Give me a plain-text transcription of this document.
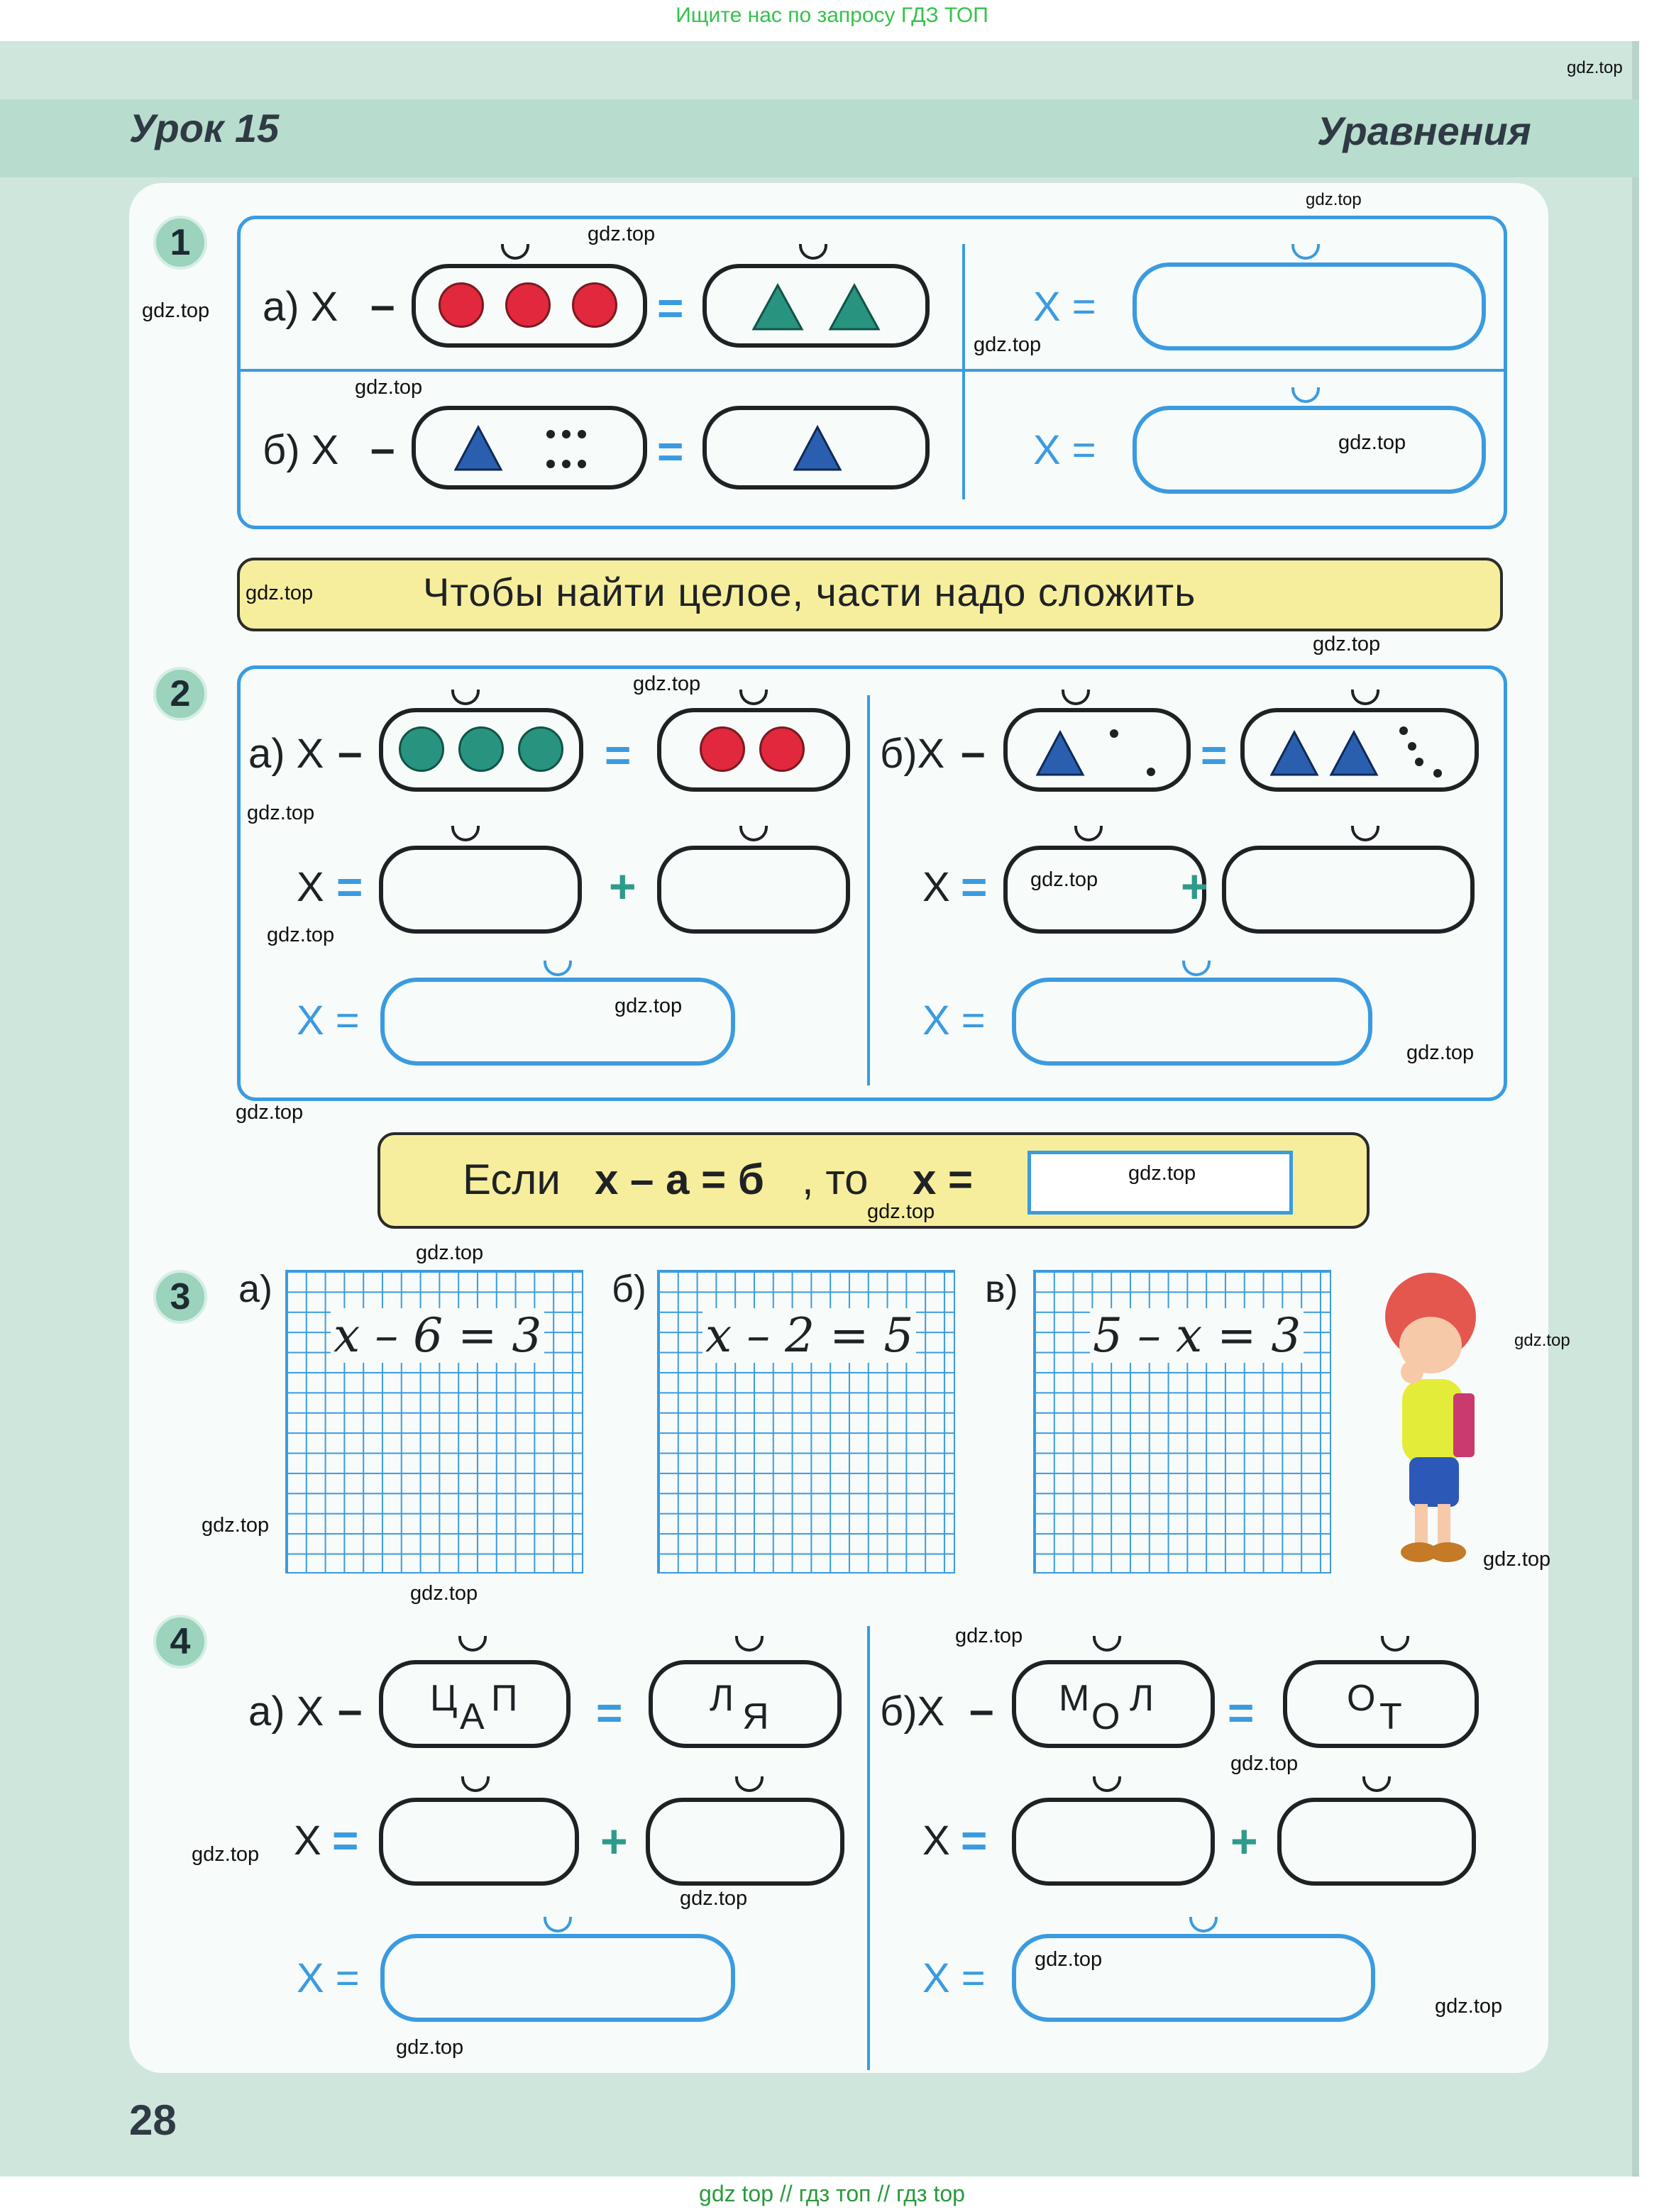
Ищите нас по запросу ГДЗ ТОП
Урок 15	Уравнения
1
а) X –	=	X =
б) X –	=	X =
Чтобы найти целое, части надо сложить
2
а) X –	=
X =	+
X =
б)X –	=
X =	+
X =
Если x – a = б , то x =
3	а)
x – 6 = 3
б)
x – 2 = 5
в)
5 – x = 3
4
а) X – Ц А П = Л Я
X =	+
X =
б)X – М О Л =	О Т
X =	+
X =
28
gdz.top
gdz.top
gdz.top
gdz.top
gdz.top
gdz.top
gdz.top
gdz.top
gdz.top
gdz.top
gdz.top
gdz.top
gdz.top
gdz.top
gdz.top
gdz.top
gdz.top
gdz.top
gdz.top
gdz.top
gdz.top
gdz.top
gdz.top
gdz.top
gdz.top
gdz.top
gdz.top
gdz.top
gdz.top
gdz.top
gdz top // гдз топ // гдз top
